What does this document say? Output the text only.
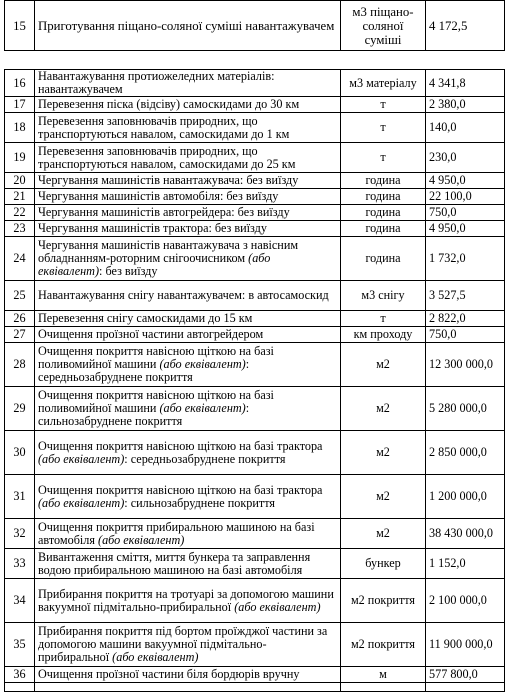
15	Приготування піщано-соляної суміші навантажувачем	м3 піщано-соляної суміші	4 172,5
16	Навантажування протиожеледних матеріалів: навантажувачем	м3 матеріалу	4 341,8
17	Перевезення піска (відсіву) самоскидами до 30 км	т	2 380,0
18	Перевезення заповнювачів природних, що транспортуються навалом, самоскидами до 1 км	т	140,0
19	Перевезення заповнювачів природних, що транспортуються навалом, самоскидами до 25 км	т	230,0
20	Чергування машиністів навантажувача: без виїзду	година	4 950,0
21	Чергування машиністів автомобіля: без виїзду	година	22 100,0
22	Чергування машиністів автогрейдера: без виїзду	година	750,0
23	Чергування машиністів трактора: без виїзду	година	4 950,0
24	Чергування машиністів навантажувача з навісним обладнанням-роторним снігоочисником (або еквівалент): без виїзду	година	1 732,0
25	Навантажування снігу навантажувачем: в автосамоскид	м3 снігу	3 527,5
26	Перевезення снігу самоскидами до 15 км	т	2 822,0
27	Очищення проїзної частини автогрейдером	км проходу	750,0
28	Очищення покриття навісною щіткою на базі поливомийної машини (або еквівалент): середньозабруднене покриття	м2	12 300 000,0
29	Очищення покриття навісною щіткою на базі поливомийної машини (або еквівалент): сильнозабруднене покриття	м2	5 280 000,0
30	Очищення покриття навісною щіткою на базі трактора (або еквівалент): середньозабруднене покриття	м2	2 850 000,0
31	Очищення покриття навісною щіткою на базі трактора (або еквівалент): сильнозабруднене покриття	м2	1 200 000,0
32	Очищення покриття прибиральною машиною на базі автомобіля (або еквівалент)	м2	38 430 000,0
33	Вивантаження сміття, миття бункера та заправлення водою прибиральною машиною на базі автомобіля	бункер	1 152,0
34	Прибирання покриття на тротуарі за допомогою машини вакуумної підмітально-прибиральної (або еквівалент)	м2 покриття	2 100 000,0
35	Прибирання покриття під бортом проїжджої частини за допомогою машини вакуумної підмітально-прибиральної (або еквівалент)	м2 покриття	11 900 000,0
36	Очищення проїзної частини біля бордюрів вручну	м	577 800,0
